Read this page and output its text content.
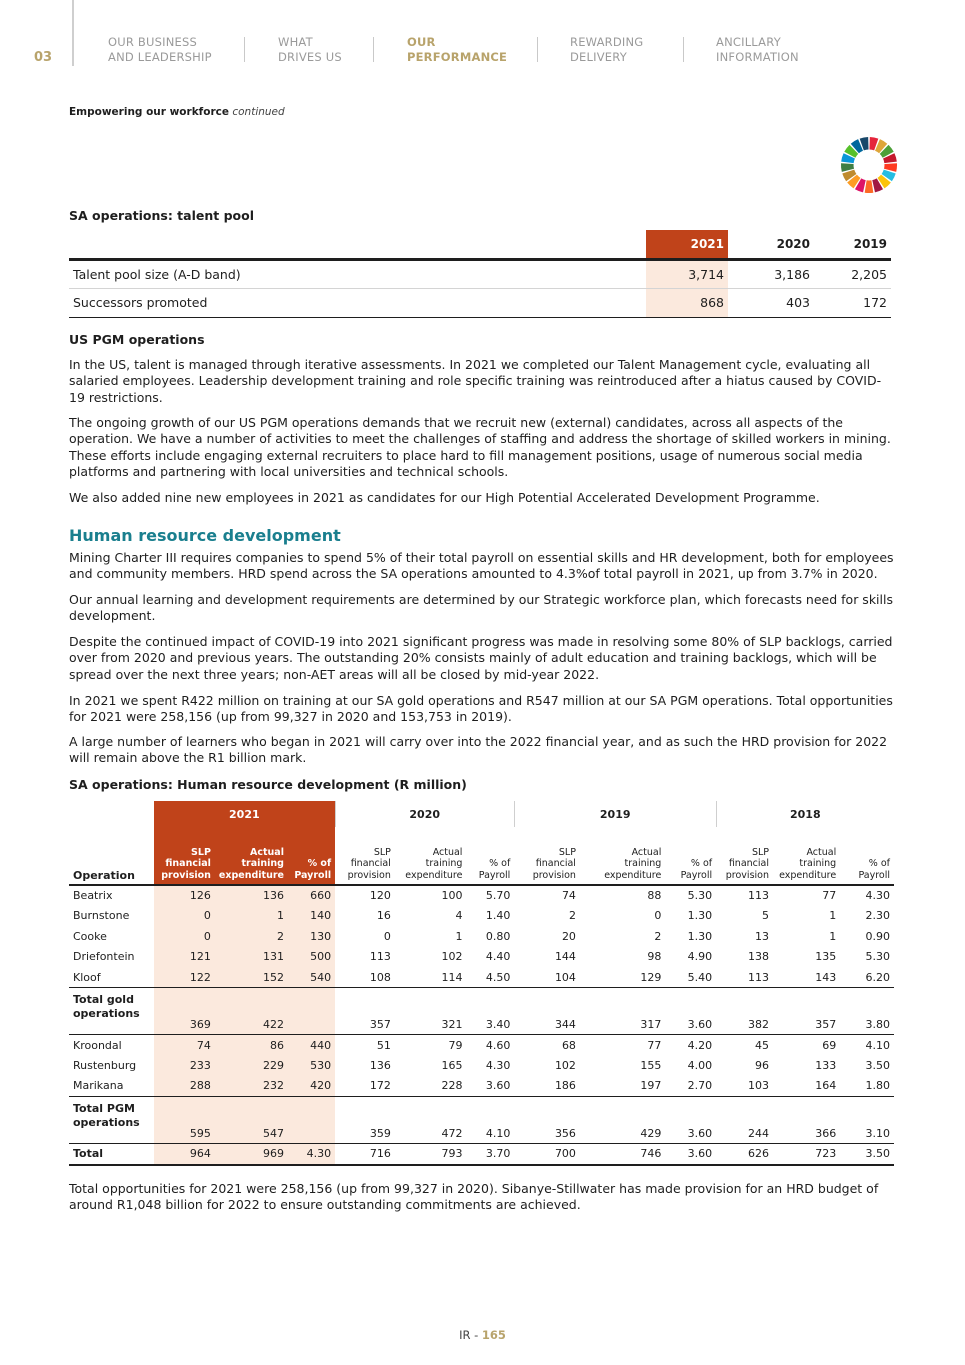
03
OUR BUSINESS
AND LEADERSHIP
WHAT
DRIVES US
OUR
PERFORMANCE
REWARDING
DELIVERY
ANCILLARY
INFORMATION
Empowering our workforce continued
SA operations: talent pool
	2021	2020	2019
Talent pool size (A-D band)	3,714	3,186	2,205
Successors promoted	868	403	172
US PGM operations

In the US, talent is managed through iterative assessments. In 2021 we completed our Talent Management cycle, evaluating all salaried employees. Leadership development training and role specific training was reintroduced after a hiatus caused by COVID-19 restrictions.

The ongoing growth of our US PGM operations demands that we recruit new (external) candidates, across all aspects of the operation. We have a number of activities to meet the challenges of staffing and address the shortage of skilled workers in mining. These efforts include engaging external recruiters to place hard to fill management positions, usage of numerous social media platforms and partnering with local universities and technical schools.

We also added nine new employees in 2021 as candidates for our High Potential Accelerated Development Programme.

Human resource development

Mining Charter III requires companies to spend 5% of their total payroll on essential skills and HR development, both for employees and community members. HRD spend across the SA operations amounted to 4.3%of total payroll in 2021, up from 3.7% in 2020.

Our annual learning and development requirements are determined by our Strategic workforce plan, which forecasts need for skills development.

Despite the continued impact of COVID-19 into 2021 significant progress was made in resolving some 80% of SLP backlogs, carried over from 2020 and previous years. The outstanding 20% consists mainly of adult education and training backlogs, which will be spread over the next three years; non-AET areas will all be closed by mid-year 2022.

In 2021 we spent R422 million on training at our SA gold operations and R547 million at our SA PGM operations. Total opportunities for 2021 were 258,156 (up from 99,327 in 2020 and 153,753 in 2019).

A large number of learners who began in 2021 will carry over into the 2022 financial year, and as such the HRD provision for 2022 will remain above the R1 billion mark.

SA operations: Human resource development (R million)
	2021			2020			2019			2018		
Operation	SLP
financial
provision	Actual
training
expenditure	% of
Payroll	SLP
financial
provision	Actual
training
expenditure	% of
Payroll	SLP financial
provision	Actual
training
expenditure	% of
Payroll	SLP
financial
provision	Actual
training
expenditure	% of
Payroll

Beatrix	126	136	660	120	100	5.70	74	88	5.30	113	77	4.30
Burnstone	0	1	140	16	4	1.40	2	0	1.30	5	1	2.30
Cooke	0	2	130	0	1	0.80	20	2	1.30	13	1	0.90
Driefontein	121	131	500	113	102	4.40	144	98	4.90	138	135	5.30
Kloof	122	152	540	108	114	4.50	104	129	5.40	113	143	6.20
Total gold operations	369	422		357	321	3.40	344	317	3.60	382	357	3.80
Kroondal	74	86	440	51	79	4.60	68	77	4.20	45	69	4.10
Rustenburg	233	229	530	136	165	4.30	102	155	4.00	96	133	3.50
Marikana	288	232	420	172	228	3.60	186	197	2.70	103	164	1.80
Total PGM operations	595	547		359	472	4.10	356	429	3.60	244	366	3.10
Total	964	969	4.30	716	793	3.70	700	746	3.60	626	723	3.50

Total opportunities for 2021 were 258,156 (up from 99,327 in 2020). Sibanye-Stillwater has made provision for an HRD budget of around R1,048 billion for 2022 to ensure outstanding commitments are achieved.

IR - 165
